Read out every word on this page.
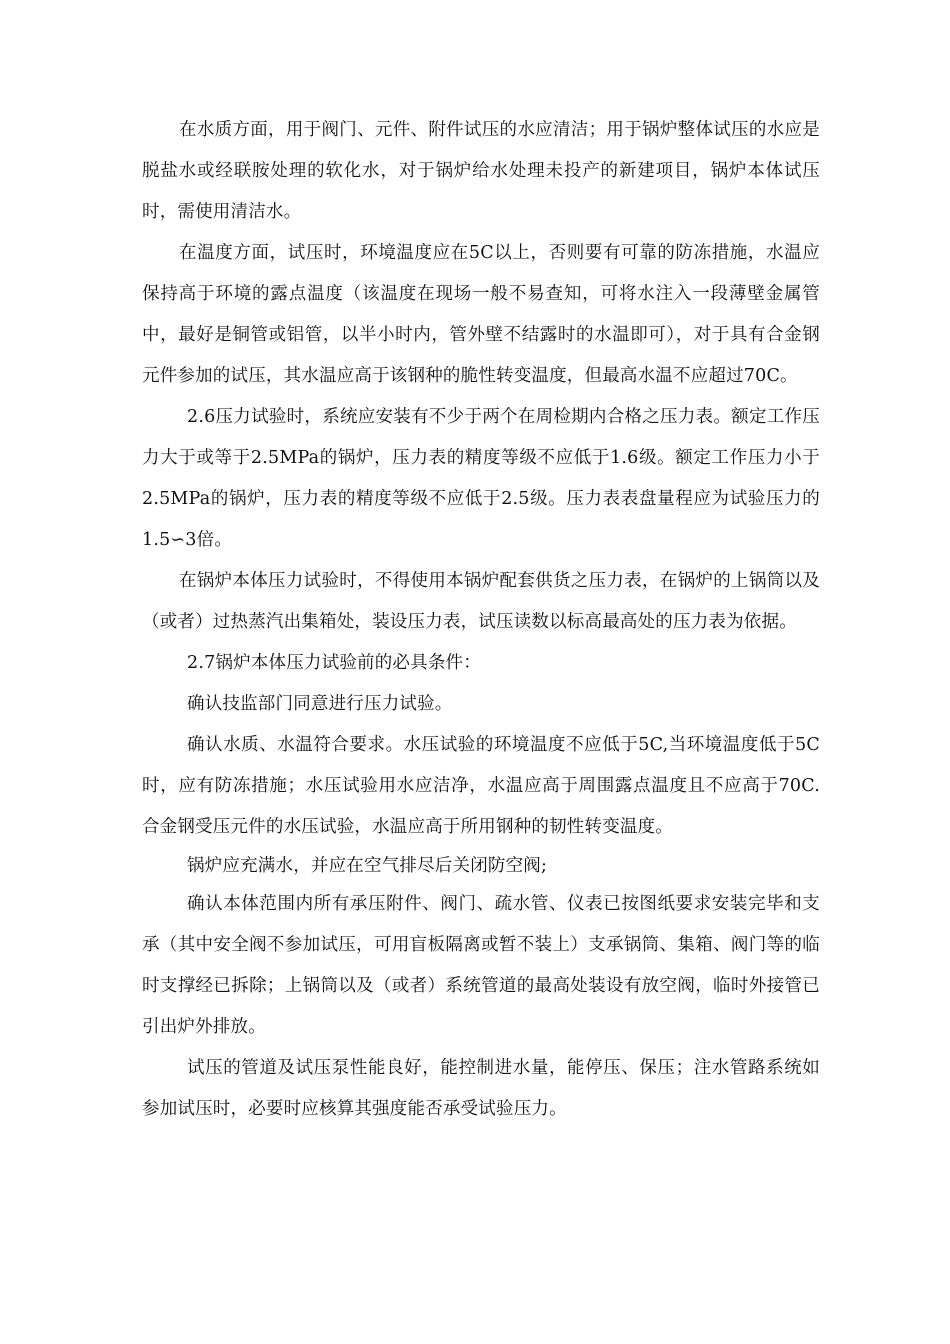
在水质方面，用于阀门、元件、附件试压的水应清洁；用于锅炉整体试压的水应是脱盐水或经联胺处理的软化水，对于锅炉给水处理未投产的新建项目，锅炉本体试压时，需使用清洁水。

在温度方面，试压时，环境温度应在5C以上，否则要有可靠的防冻措施，水温应保持高于环境的露点温度（该温度在现场一般不易查知，可将水注入一段薄壁金属管中，最好是铜管或铝管，以半小时内，管外壁不结露时的水温即可），对于具有合金钢元件参加的试压，其水温应高于该钢种的脆性转变温度，但最高水温不应超过70C。

2.6压力试验时，系统应安装有不少于两个在周检期内合格之压力表。额定工作压力大于或等于2.5MPa的锅炉，压力表的精度等级不应低于1.6级。额定工作压力小于2.5MPa的锅炉，压力表的精度等级不应低于2.5级。压力表表盘量程应为试验压力的1.5∽3倍。

在锅炉本体压力试验时，不得使用本锅炉配套供货之压力表，在锅炉的上锅筒以及（或者）过热蒸汽出集箱处，装设压力表，试压读数以标高最高处的压力表为依据。

2.7锅炉本体压力试验前的必具条件：

确认技监部门同意进行压力试验。

确认水质、水温符合要求。水压试验的环境温度不应低于5C,当环境温度低于5C时，应有防冻措施；水压试验用水应洁净，水温应高于周围露点温度且不应高于70C.合金钢受压元件的水压试验，水温应高于所用钢种的韧性转变温度。

锅炉应充满水，并应在空气排尽后关闭防空阀;

确认本体范围内所有承压附件、阀门、疏水管、仪表已按图纸要求安装完毕和支承（其中安全阀不参加试压，可用盲板隔离或暂不装上）支承锅筒、集箱、阀门等的临时支撑经已拆除；上锅筒以及（或者）系统管道的最高处装设有放空阀，临时外接管已引出炉外排放。

试压的管道及试压泵性能良好，能控制进水量，能停压、保压；注水管路系统如参加试压时，必要时应核算其强度能否承受试验压力。
